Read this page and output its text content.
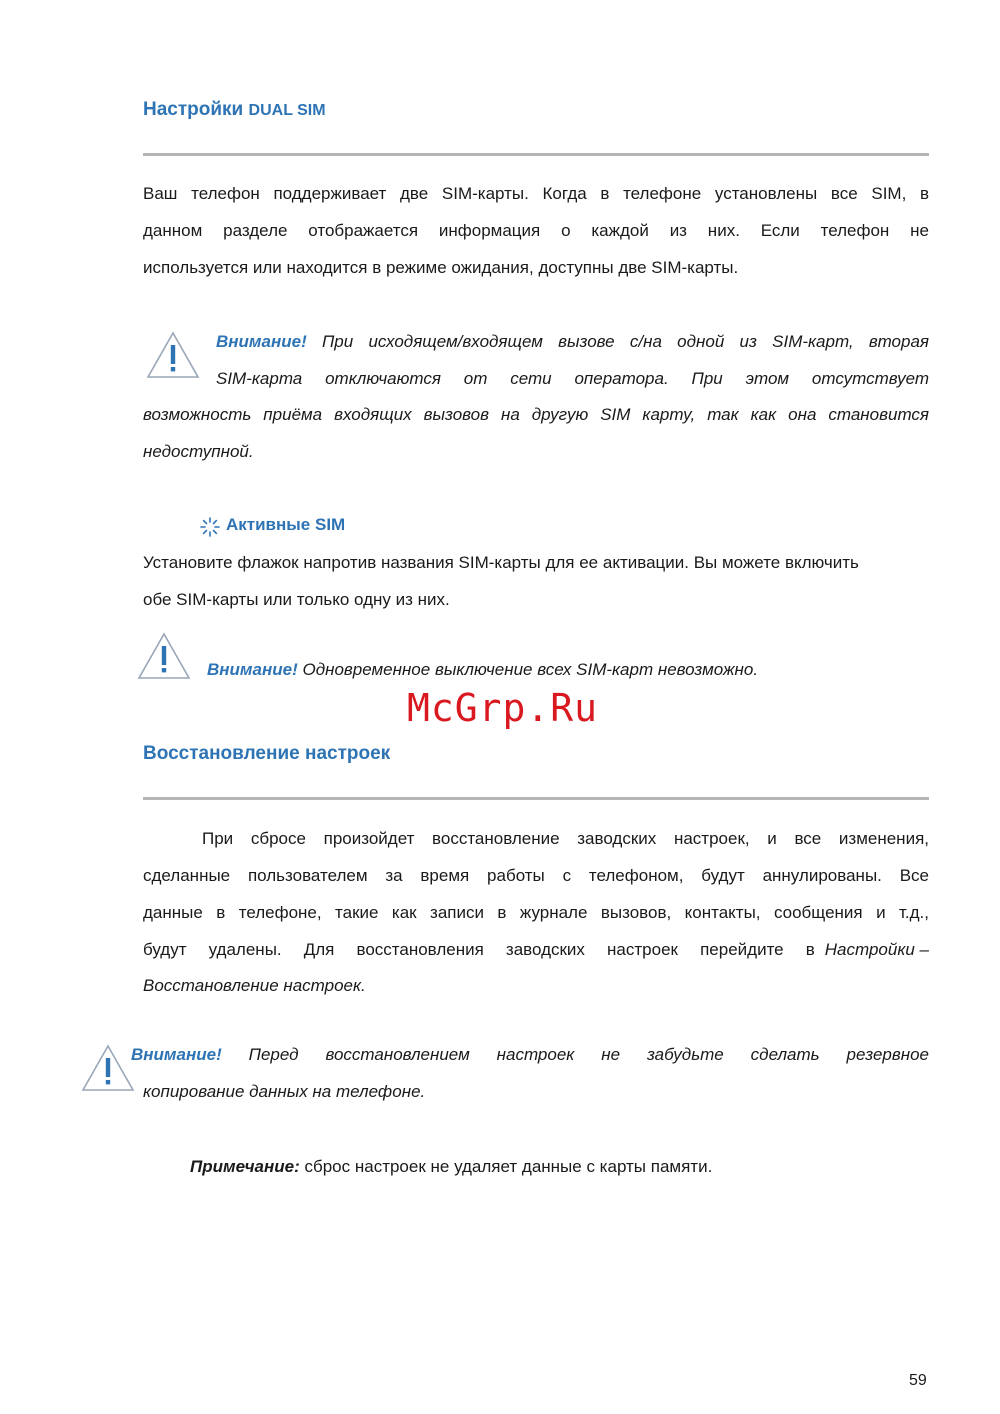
Настройки DUAL SIM
Ваш телефон поддерживает две SIM-карты. Когда в телефоне установлены все SIM, в
данном разделе отображается информация о каждой из них. Если телефон не
используется или находится в режиме ожидания, доступны две SIM-карты.
Внимание! При исходящем/входящем вызове с/на одной из SIM-карт, вторая
SIM-карта отключаются от сети оператора. При этом отсутствует
возможность приёма входящих вызовов на другую SIM карту, так как она становится
недоступной.
Активные SIM
Установите флажок напротив названия SIM-карты для ее активации. Вы можете включить
обе SIM-карты или только одну из них.
Внимание! Одновременное выключение всех SIM-карт невозможно.
McGrp.Ru
Восстановление настроек
При сбросе произойдет восстановление заводских настроек, и все изменения,
сделанные пользователем за время работы с телефоном, будут аннулированы. Все
данные в телефоне, такие как записи в журнале вызовов, контакты, сообщения и т.д.,
будут удалены. Для восстановления заводских настроек перейдите в Настройки –
Восстановление настроек.
Внимание! Перед восстановлением настроек не забудьте сделать резервное
копирование данных на телефоне.
Примечание: сброс настроек не удаляет данные с карты памяти.
59
